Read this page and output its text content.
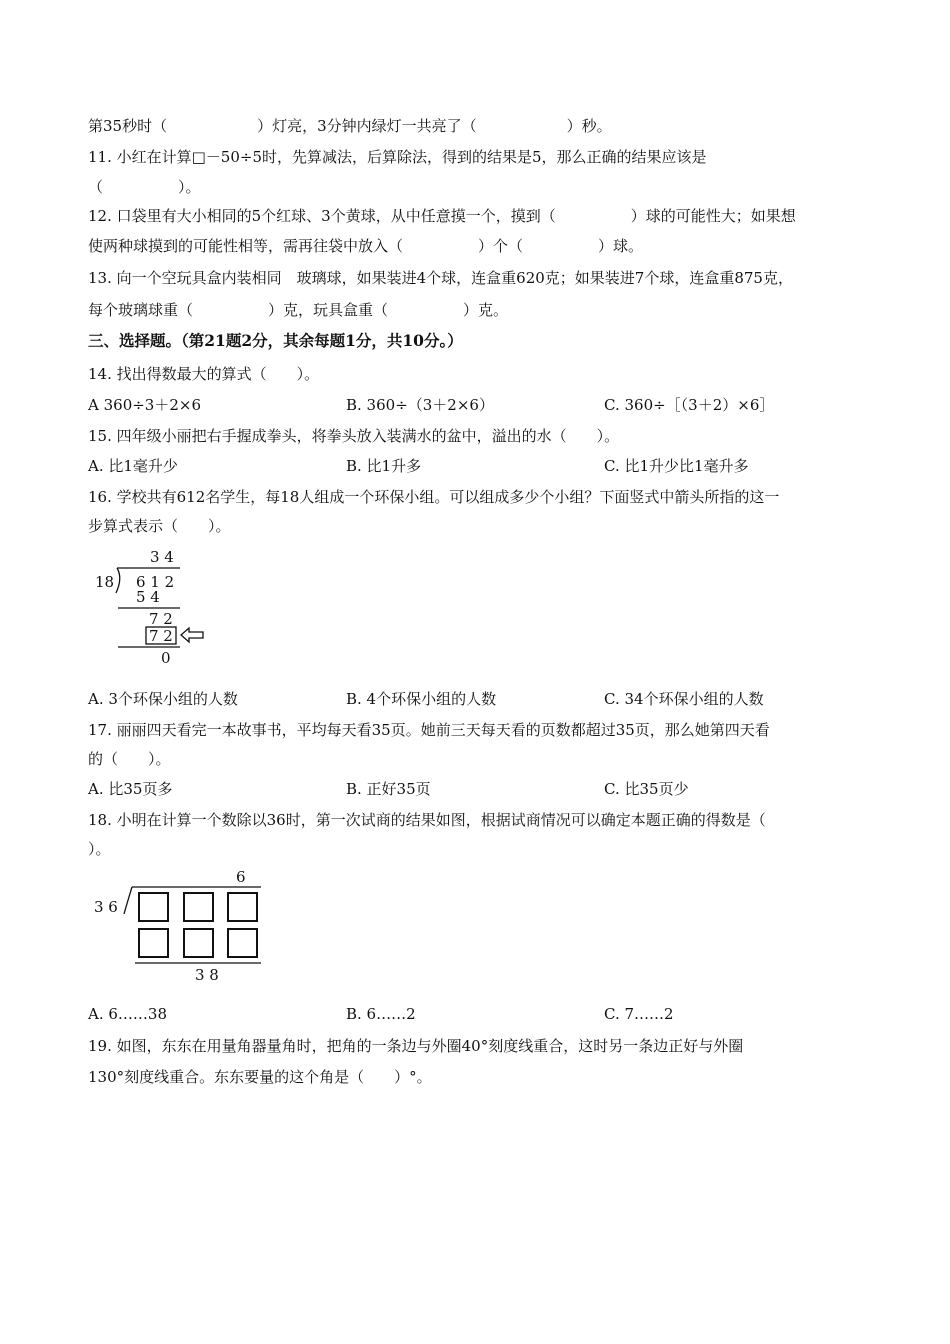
第35秒时（　　　　　　）灯亮，3分钟内绿灯一共亮了（　　　　　　）秒。
11. 小红在计算□－50÷5时，先算减法，后算除法，得到的结果是5，那么正确的结果应该是
（　　　　　）。
12. 口袋里有大小相同的5个红球、3个黄球，从中任意摸一个，摸到（　　　　　）球的可能性大；如果想
使两种球摸到的可能性相等，需再往袋中放入（　　　　　）个（　　　　　）球。
13. 向一个空玩具盒内装相同　玻璃球，如果装进4个球，连盒重620克；如果装进7个球，连盒重875克，
每个玻璃球重（　　　　　）克，玩具盒重（　　　　　）克。
三、选择题。（第21题2分，其余每题1分，共10分。）
14. 找出得数最大的算式（　　）。
A 360÷3＋2×6	B. 360÷（3＋2×6）	C. 360÷［（3＋2）×6］
15. 四年级小丽把右手握成拳头，将拳头放入装满水的盆中，溢出的水（　　）。
A. 比1毫升少	B. 比1升多	C. 比1升少比1毫升多
16. 学校共有612名学生，每18人组成一个环保小组。可以组成多少个小组？下面竖式中箭头所指的这一
步算式表示（　　）。
3 4
18 6 1 2
5 4
7 2
7 2
0
A. 3个环保小组的人数	B. 4个环保小组的人数	C. 34个环保小组的人数
17. 丽丽四天看完一本故事书，平均每天看35页。她前三天每天看的页数都超过35页，那么她第四天看
的（　　）。
A. 比35页多	B. 正好35页	C. 比35页少
18. 小明在计算一个数除以36时，第一次试商的结果如图，根据试商情况可以确定本题正确的得数是（
）。
6
3 6
3 8
A. 6……38	B. 6……2	C. 7……2
19. 如图，东东在用量角器量角时，把角的一条边与外圈40°刻度线重合，这时另一条边正好与外圈
130°刻度线重合。东东要量的这个角是（　　）°。
